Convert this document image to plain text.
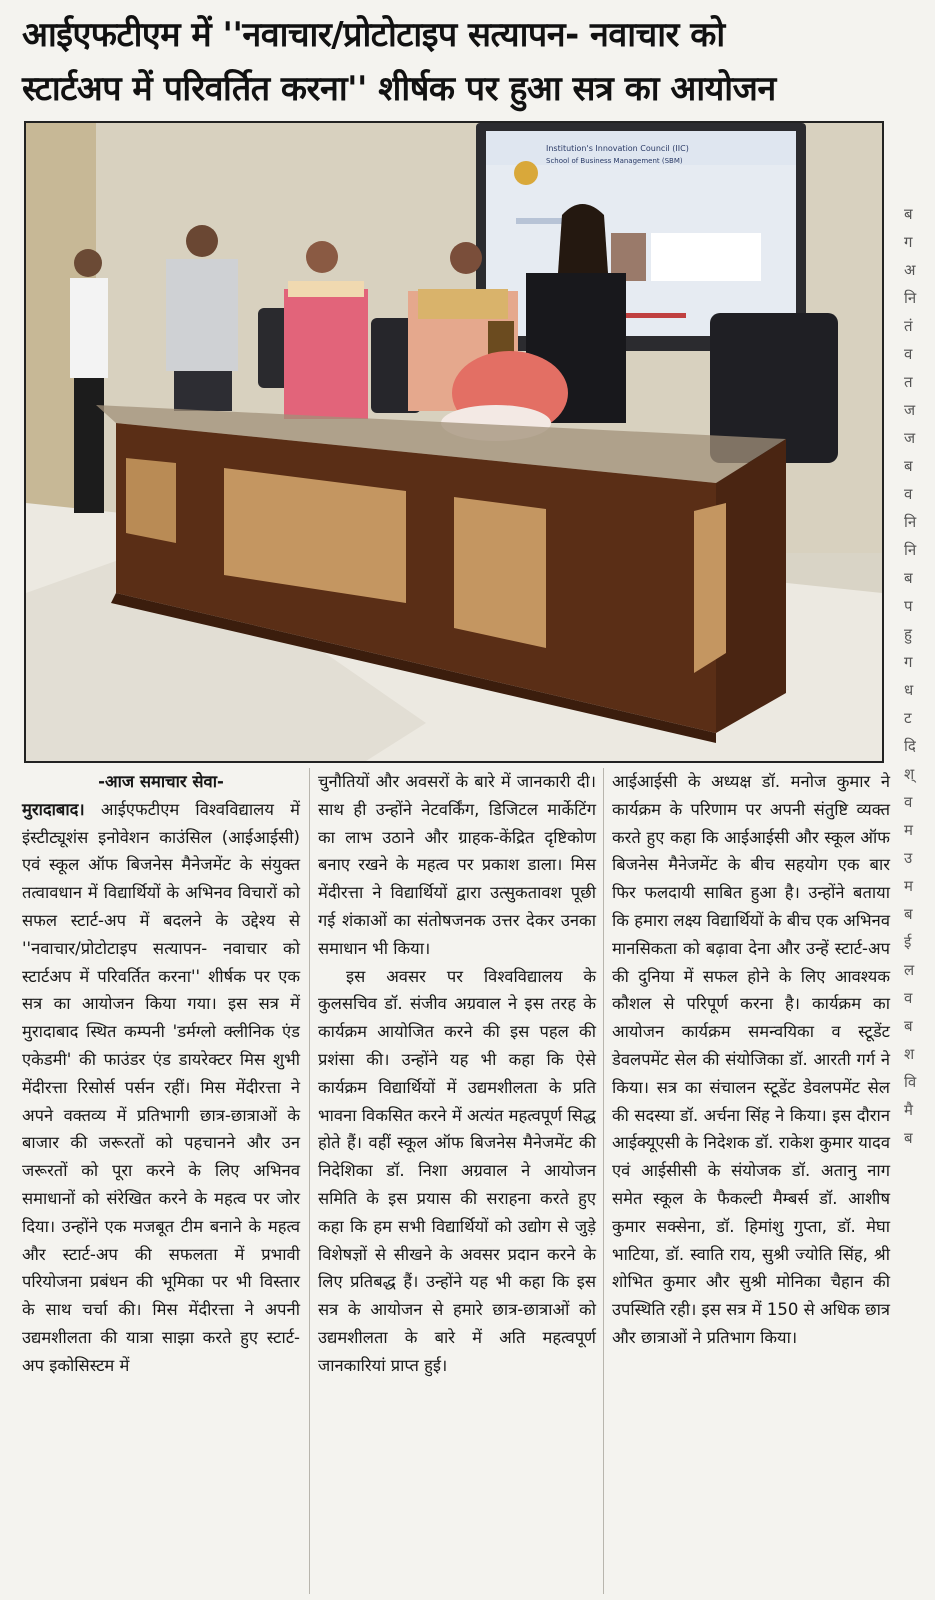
आईएफटीएम में ''नवाचार/प्रोटोटाइप सत्यापन- नवाचार को
स्टार्टअप में परिवर्तित करना'' शीर्षक पर हुआ सत्र का आयोजन
Institution's Innovation Council (IIC)
School of Business Management (SBM)

-आज समाचार सेवा-

मुरादाबाद। आईएफटीएम विश्वविद्यालय में इंस्टीट्यूशंस इनोवेशन काउंसिल (आईआईसी) एवं स्कूल ऑफ बिजनेस मैनेजमेंट के संयुक्त तत्वावधान में विद्यार्थियों के अभिनव विचारों को सफल स्टार्ट-अप में बदलने के उद्देश्य से ''नवाचार/प्रोटोटाइप सत्यापन- नवाचार को स्टार्टअप में परिवर्तित करना'' शीर्षक पर एक सत्र का आयोजन किया गया। इस सत्र में मुरादाबाद स्थित कम्पनी 'डर्मग्लो क्लीनिक एंड एकेडमी' की फाउंडर एंड डायरेक्टर मिस शुभी मेंदीरत्ता रिसोर्स पर्सन रहीं। मिस मेंदीरत्ता ने अपने वक्तव्य में प्रतिभागी छात्र-छात्राओं के बाजार की जरूरतों को पहचानने और उन जरूरतों को पूरा करने के लिए अभिनव समाधानों को संरेखित करने के महत्व पर जोर दिया। उन्होंने एक मजबूत टीम बनाने के महत्व और स्टार्ट-अप की सफलता में प्रभावी परियोजना प्रबंधन की भूमिका पर भी विस्तार के साथ चर्चा की। मिस मेंदीरत्ता ने अपनी उद्यमशीलता की यात्रा साझा करते हुए स्टार्ट-अप इकोसिस्टम में

चुनौतियों और अवसरों के बारे में जानकारी दी। साथ ही उन्होंने नेटवर्किंग, डिजिटल मार्केटिंग का लाभ उठाने और ग्राहक-केंद्रित दृष्टिकोण बनाए रखने के महत्व पर प्रकाश डाला। मिस मेंदीरत्ता ने विद्यार्थियों द्वारा उत्सुकतावश पूछी गई शंकाओं का संतोषजनक उत्तर देकर उनका समाधान भी किया।

इस अवसर पर विश्वविद्यालय के कुलसचिव डॉ. संजीव अग्रवाल ने इस तरह के कार्यक्रम आयोजित करने की इस पहल की प्रशंसा की। उन्होंने यह भी कहा कि ऐसे कार्यक्रम विद्यार्थियों में उद्यमशीलता के प्रति भावना विकसित करने में अत्यंत महत्वपूर्ण सिद्ध होते हैं। वहीं स्कूल ऑफ बिजनेस मैनेजमेंट की निदेशिका डॉ. निशा अग्रवाल ने आयोजन समिति के इस प्रयास की सराहना करते हुए कहा कि हम सभी विद्यार्थियों को उद्योग से जुड़े विशेषज्ञों से सीखने के अवसर प्रदान करने के लिए प्रतिबद्ध हैं। उन्होंने यह भी कहा कि इस सत्र के आयोजन से हमारे छात्र-छात्राओं को उद्यमशीलता के बारे में अति महत्वपूर्ण जानकारियां प्राप्त हुई।

आईआईसी के अध्यक्ष डॉ. मनोज कुमार ने कार्यक्रम के परिणाम पर अपनी संतुष्टि व्यक्त करते हुए कहा कि आईआईसी और स्कूल ऑफ बिजनेस मैनेजमेंट के बीच सहयोग एक बार फिर फलदायी साबित हुआ है। उन्होंने बताया कि हमारा लक्ष्य विद्यार्थियों के बीच एक अभिनव मानसिकता को बढ़ावा देना और उन्हें स्टार्ट-अप की दुनिया में सफल होने के लिए आवश्यक कौशल से परिपूर्ण करना है। कार्यक्रम का आयोजन कार्यक्रम समन्वयिका व स्टूडेंट डेवलपमेंट सेल की संयोजिका डॉ. आरती गर्ग ने किया। सत्र का संचालन स्टूडेंट डेवलपमेंट सेल की सदस्या डॉ. अर्चना सिंह ने किया। इस दौरान आईक्यूएसी के निदेशक डॉ. राकेश कुमार यादव एवं आईसीसी के संयोजक डॉ. अतानु नाग समेत स्कूल के फैकल्टी मैम्बर्स डॉ. आशीष कुमार सक्सेना, डॉ. हिमांशु गुप्ता, डॉ. मेघा भाटिया, डॉ. स्वाति राय, सुश्री ज्योति सिंह, श्री शोभित कुमार और सुश्री मोनिका चैहान की उपस्थिति रही। इस सत्र में 150 से अधिक छात्र और छात्राओं ने प्रतिभाग किया।

ब
ग
अ
नि
तं
व
त
ज
ज
ब
व
नि
नि
ब
प
हु
ग
ध
ट
दि
श्
व
म
उ
म
ब
ई
ल
व
ब
श
वि
मै
ब
